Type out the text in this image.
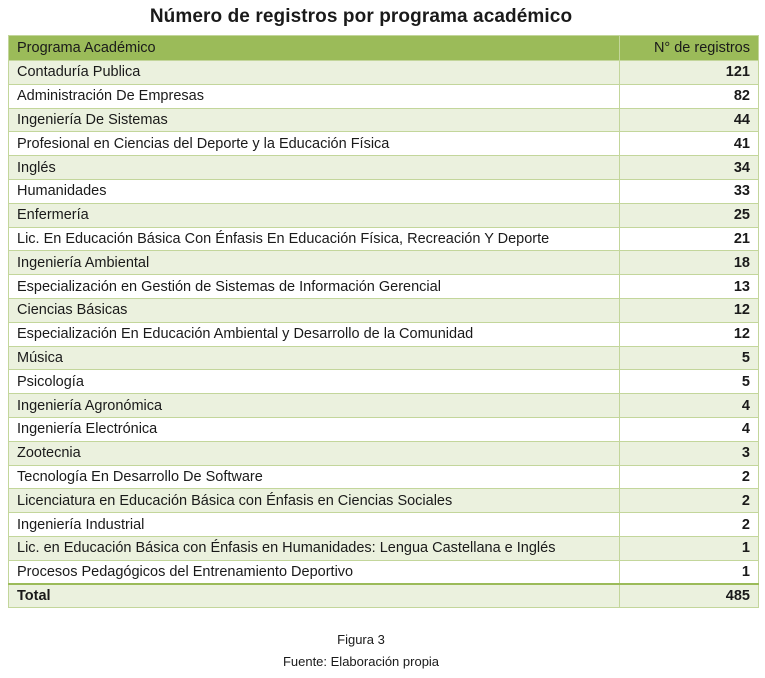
Número de registros por programa académico
Programa Académico	N° de registros
Contaduría Publica	121
Administración De Empresas	82
Ingeniería De Sistemas	44
Profesional en Ciencias del Deporte y la Educación Física	41
Inglés	34
Humanidades	33
Enfermería	25
Lic. En Educación Básica Con Énfasis En Educación Física, Recreación Y Deporte	21
Ingeniería Ambiental	18
Especialización en Gestión de Sistemas de Información Gerencial	13
Ciencias Básicas	12
Especialización En Educación Ambiental y Desarrollo de la Comunidad	12
Música	5
Psicología	5
Ingeniería Agronómica	4
Ingeniería Electrónica	4
Zootecnia	3
Tecnología En Desarrollo De Software	2
Licenciatura en Educación Básica con Énfasis en Ciencias Sociales	2
Ingeniería Industrial	2
Lic. en Educación Básica con Énfasis en Humanidades: Lengua Castellana e Inglés	1
Procesos Pedagógicos del Entrenamiento Deportivo	1
Total	485
Figura 3
Fuente: Elaboración propia
